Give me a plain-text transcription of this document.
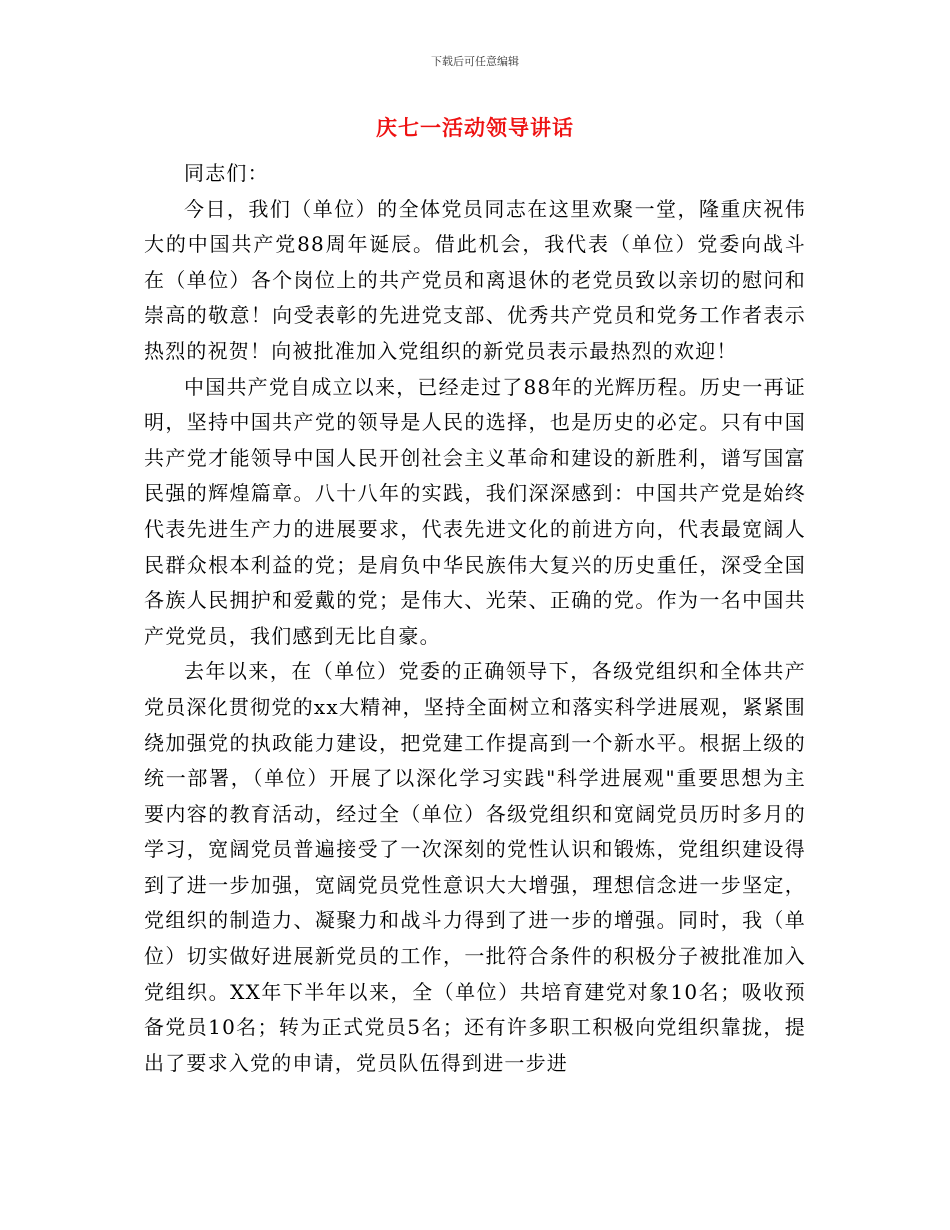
下载后可任意编辑
庆七一活动领导讲话

同志们：

今日，我们（单位）的全体党员同志在这里欢聚一堂，隆重庆祝伟大的中国共产党88周年诞辰。借此机会，我代表（单位）党委向战斗在（单位）各个岗位上的共产党员和离退休的老党员致以亲切的慰问和崇高的敬意！向受表彰的先进党支部、优秀共产党员和党务工作者表示热烈的祝贺！向被批准加入党组织的新党员表示最热烈的欢迎！

中国共产党自成立以来，已经走过了88年的光辉历程。历史一再证明，坚持中国共产党的领导是人民的选择，也是历史的必定。只有中国共产党才能领导中国人民开创社会主义革命和建设的新胜利，谱写国富民强的辉煌篇章。八十八年的实践，我们深深感到：中国共产党是始终代表先进生产力的进展要求，代表先进文化的前进方向，代表最宽阔人民群众根本利益的党；是肩负中华民族伟大复兴的历史重任，深受全国各族人民拥护和爱戴的党；是伟大、光荣、正确的党。作为一名中国共产党党员，我们感到无比自豪。

去年以来，在（单位）党委的正确领导下，各级党组织和全体共产党员深化贯彻党的xx大精神，坚持全面树立和落实科学进展观，紧紧围绕加强党的执政能力建设，把党建工作提高到一个新水平。根据上级的统一部署，（单位）开展了以深化学习实践"科学进展观"重要思想为主要内容的教育活动，经过全（单位）各级党组织和宽阔党员历时多月的学习，宽阔党员普遍接受了一次深刻的党性认识和锻炼，党组织建设得到了进一步加强，宽阔党员党性意识大大增强，理想信念进一步坚定，党组织的制造力、凝聚力和战斗力得到了进一步的增强。同时，我（单位）切实做好进展新党员的工作，一批符合条件的积极分子被批准加入党组织。XX年下半年以来，全（单位）共培育建党对象10名；吸收预备党员10名；转为正式党员5名；还有许多职工积极向党组织靠拢，提出了要求入党的申请，党员队伍得到进一步进
